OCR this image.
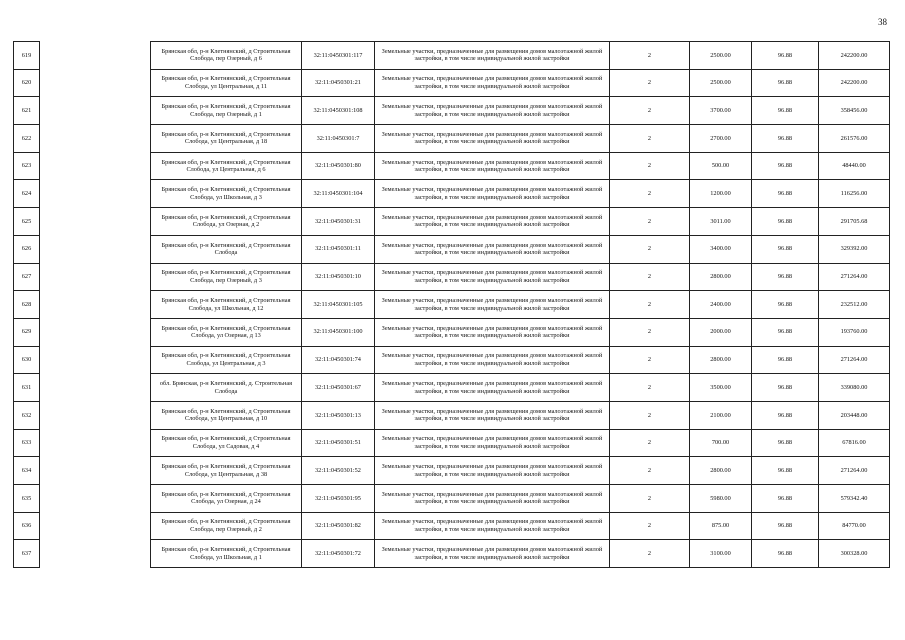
38
619		Брянская обл, р-н Клетнянский, д Строительная Слобода, пер Озерный, д 6	32:11:0450301:117	Земельные участки, предназначенные для размещения домов малоэтажной жилой застройки, в том числе индивидуальной жилой застройки	2	2500.00	96.88	242200.00
620		Брянская обл, р-н Клетнянский, д Строительная Слобода, ул Центральная, д 11	32:11:0450301:21	Земельные участки, предназначенные для размещения домов малоэтажной жилой застройки, в том числе индивидуальной жилой застройки	2	2500.00	96.88	242200.00
621		Брянская обл, р-н Клетнянский, д Строительная Слобода, пер Озерный, д 1	32:11:0450301:108	Земельные участки, предназначенные для размещения домов малоэтажной жилой застройки, в том числе индивидуальной жилой застройки	2	3700.00	96.88	358456.00
622		Брянская обл, р-н Клетнянский, д Строительная Слобода, ул Центральная, д 18	32:11:0450301:7	Земельные участки, предназначенные для размещения домов малоэтажной жилой застройки, в том числе индивидуальной жилой застройки	2	2700.00	96.88	261576.00
623		Брянская обл, р-н Клетнянский, д Строительная Слобода, ул Центральная, д 6	32:11:0450301:80	Земельные участки, предназначенные для размещения домов малоэтажной жилой застройки, в том числе индивидуальной жилой застройки	2	500.00	96.88	48440.00
624		Брянская обл, р-н Клетнянский, д Строительная Слобода, ул Школьная, д 3	32:11:0450301:104	Земельные участки, предназначенные для размещения домов малоэтажной жилой застройки, в том числе индивидуальной жилой застройки	2	1200.00	96.88	116256.00
625		Брянская обл, р-н Клетнянский, д Строительная Слобода, ул Озерная, д 2	32:11:0450301:31	Земельные участки, предназначенные для размещения домов малоэтажной жилой застройки, в том числе индивидуальной жилой застройки	2	3011.00	96.88	291705.68
626		Брянская обл, р-н Клетнянский, д Строительная Слобода	32:11:0450301:11	Земельные участки, предназначенные для размещения домов малоэтажной жилой застройки, в том числе индивидуальной жилой застройки	2	3400.00	96.88	329392.00
627		Брянская обл, р-н Клетнянский, д Строительная Слобода, пер Озерный, д 3	32:11:0450301:10	Земельные участки, предназначенные для размещения домов малоэтажной жилой застройки, в том числе индивидуальной жилой застройки	2	2800.00	96.88	271264.00
628		Брянская обл, р-н Клетнянский, д Строительная Слобода, ул Школьная, д 12	32:11:0450301:105	Земельные участки, предназначенные для размещения домов малоэтажной жилой застройки, в том числе индивидуальной жилой застройки	2	2400.00	96.88	232512.00
629		Брянская обл, р-н Клетнянский, д Строительная Слобода, ул Озерная, д 13	32:11:0450301:100	Земельные участки, предназначенные для размещения домов малоэтажной жилой застройки, в том числе индивидуальной жилой застройки	2	2000.00	96.88	193760.00
630		Брянская обл, р-н Клетнянский, д Строительная Слобода, ул Центральная, д 3	32:11:0450301:74	Земельные участки, предназначенные для размещения домов малоэтажной жилой застройки, в том числе индивидуальной жилой застройки	2	2800.00	96.88	271264.00
631		обл. Брянская, р-н Клетнянский, д. Строительная Слобода	32:11:0450301:67	Земельные участки, предназначенные для размещения домов малоэтажной жилой застройки, в том числе индивидуальной жилой застройки	2	3500.00	96.88	339080.00
632		Брянская обл, р-н Клетнянский, д Строительная Слобода, ул Центральная, д 10	32:11:0450301:13	Земельные участки, предназначенные для размещения домов малоэтажной жилой застройки, в том числе индивидуальной жилой застройки	2	2100.00	96.88	203448.00
633		Брянская обл, р-н Клетнянский, д Строительная Слобода, ул Садовая, д 4	32:11:0450301:51	Земельные участки, предназначенные для размещения домов малоэтажной жилой застройки, в том числе индивидуальной жилой застройки	2	700.00	96.88	67816.00
634		Брянская обл, р-н Клетнянский, д Строительная Слобода, ул Центральная, д 38	32:11:0450301:52	Земельные участки, предназначенные для размещения домов малоэтажной жилой застройки, в том числе индивидуальной жилой застройки	2	2800.00	96.88	271264.00
635		Брянская обл, р-н Клетнянский, д Строительная Слобода, ул Озерная, д 24	32:11:0450301:95	Земельные участки, предназначенные для размещения домов малоэтажной жилой застройки, в том числе индивидуальной жилой застройки	2	5980.00	96.88	579342.40
636		Брянская обл, р-н Клетнянский, д Строительная Слобода, пер Озерный, д 2	32:11:0450301:82	Земельные участки, предназначенные для размещения домов малоэтажной жилой застройки, в том числе индивидуальной жилой застройки	2	875.00	96.88	84770.00
637		Брянская обл, р-н Клетнянский, д Строительная Слобода, ул Школьная, д 1	32:11:0450301:72	Земельные участки, предназначенные для размещения домов малоэтажной жилой застройки, в том числе индивидуальной жилой застройки	2	3100.00	96.88	300328.00
